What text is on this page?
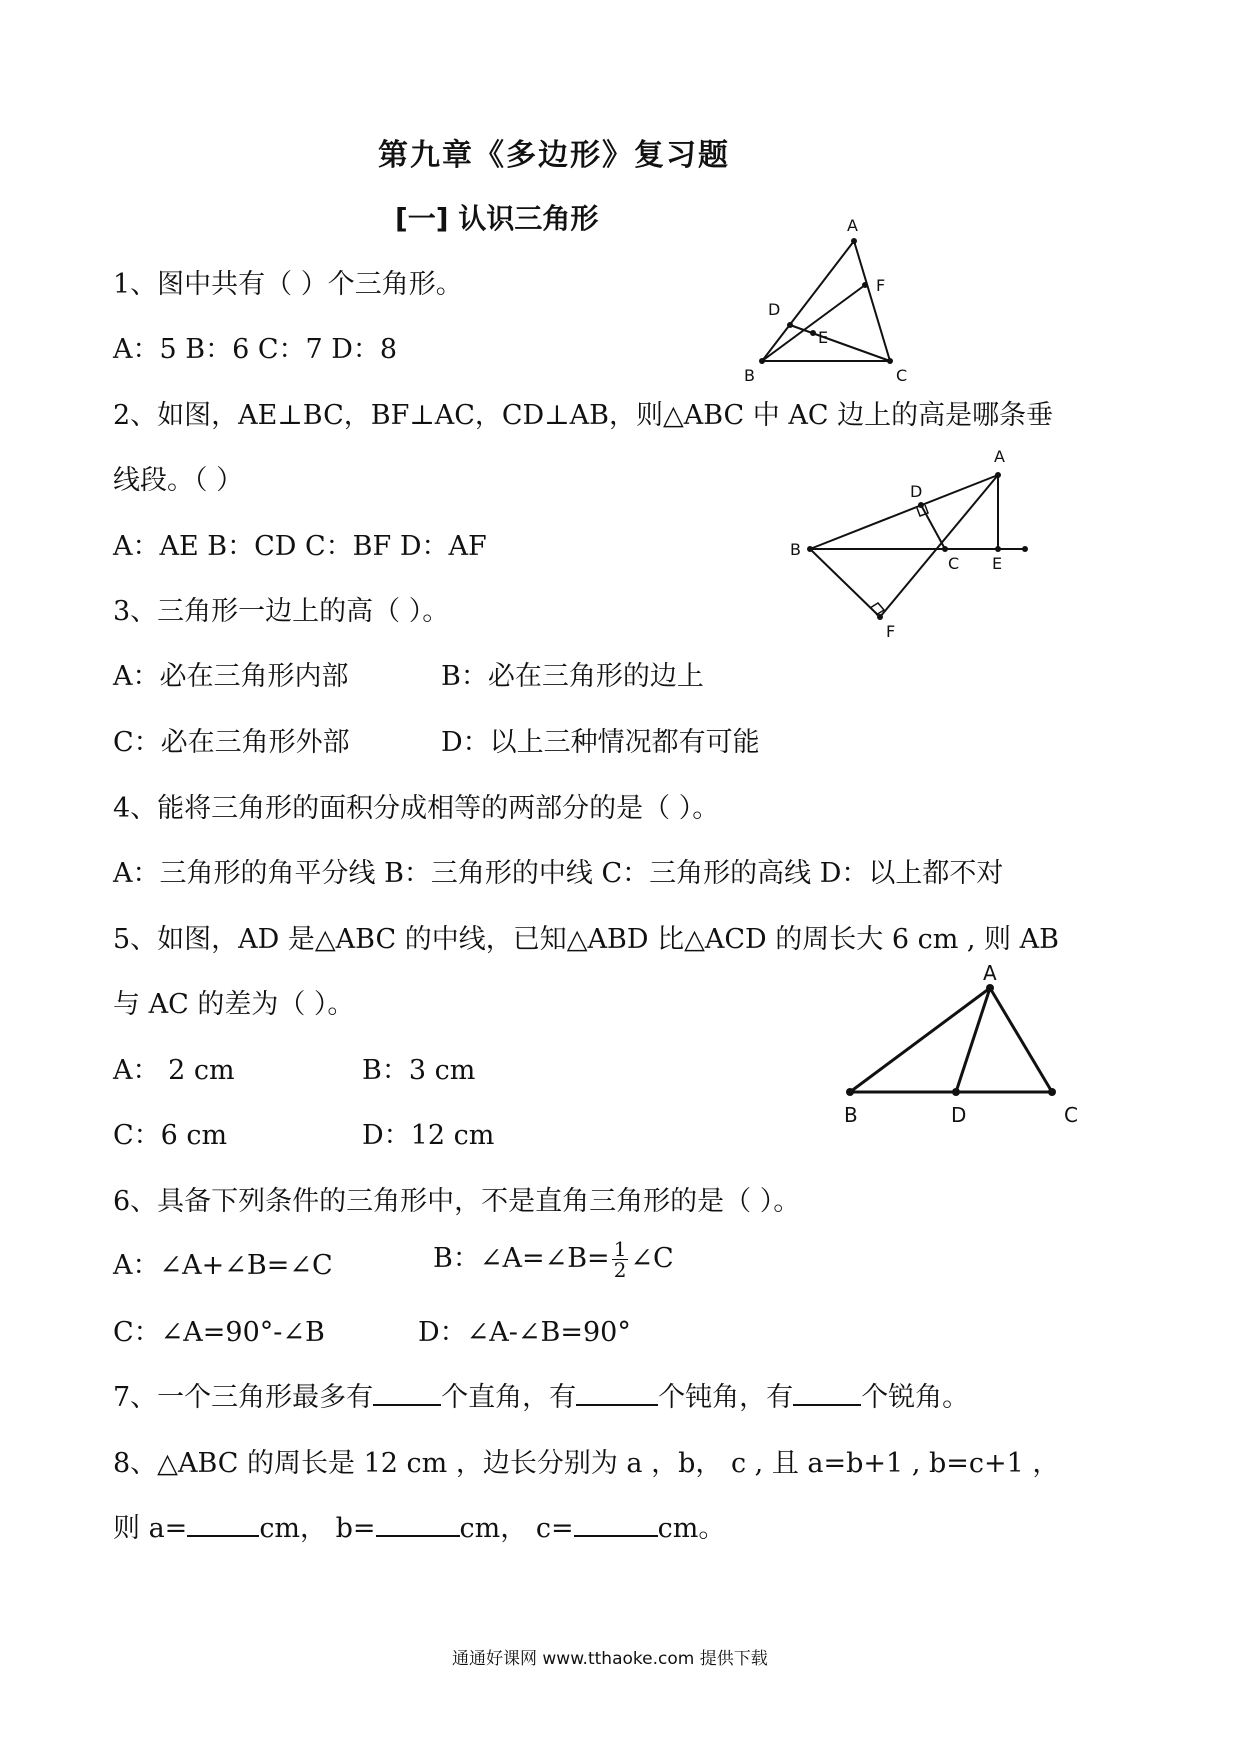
第九章《多边形》复习题
[一] 认识三角形
1、图中共有（ ）个三角形。
A：5 B：6 C：7 D：8
A
B	C
D
E
F
2、如图，AE⊥BC，BF⊥AC，CD⊥AB，则△ABC 中 AC 边上的高是哪条垂
线段。（ ）
A：AE B：CD C：BF D：AF
A
B
C
D
E
F
3、三角形一边上的高（ ）。
A：必在三角形内部	B：必在三角形的边上
C：必在三角形外部	D：以上三种情况都有可能
4、能将三角形的面积分成相等的两部分的是（ ）。
A：三角形的角平分线 B：三角形的中线 C：三角形的高线 D：以上都不对
5、如图，AD 是△ABC 的中线，已知△ABD 比△ACD 的周长大 6 cm , 则 AB
与 AC 的差为（ ）。
A： 2 cm	B：3 cm
C：6 cm	D：12 cm
A
B	C
D
6、具备下列条件的三角形中，不是直角三角形的是（ ）。
A：∠A+∠B=∠C	B：∠A=∠B= $\frac{1}{2}$ ∠C
C：∠A=90°-∠B	D：∠A-∠B=90°
7、一个三角形最多有	个直角，有	个钝角，有	个锐角。
8、△ABC 的周长是 12 cm ，边长分别为 a ，b， c , 且 a=b+1 , b=c+1 ，
则 a=	cm， b=	cm， c=	cm。
通通好课网 www.tthaoke.com 提供下载
